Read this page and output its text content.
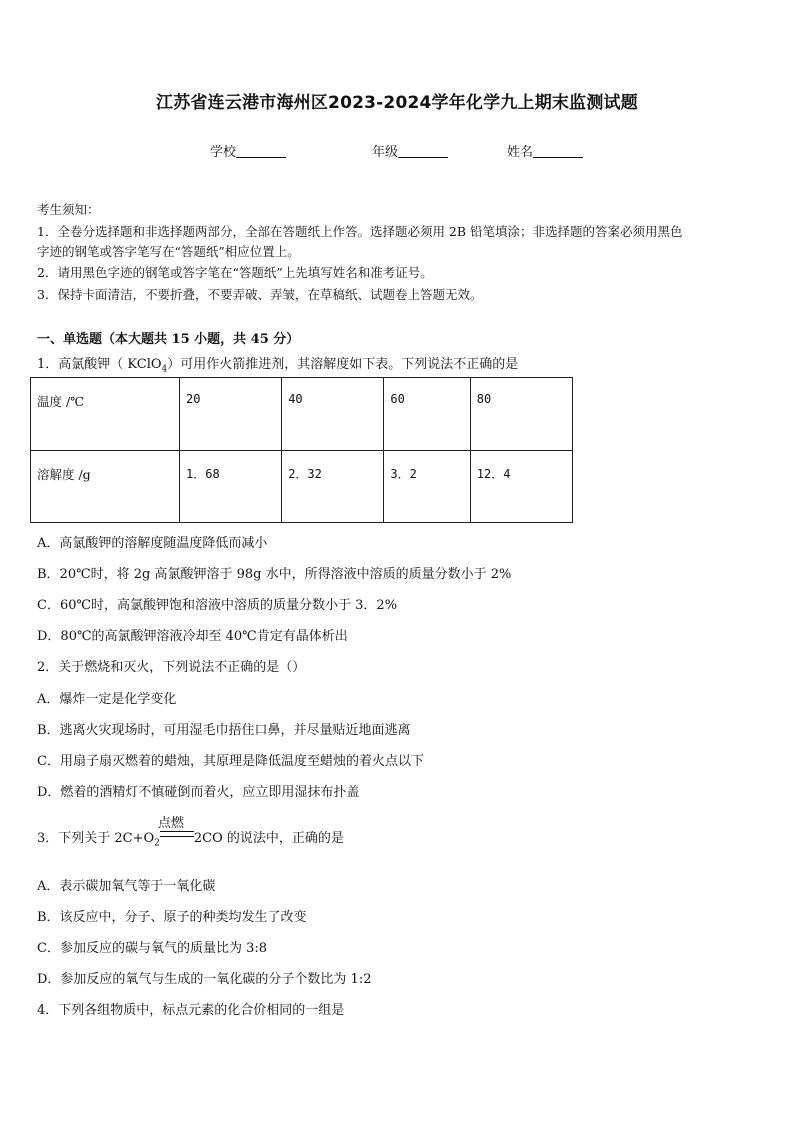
江苏省连云港市海州区2023-2024学年化学九上期末监测试题
学校	年级	姓名
考生须知：
1．全卷分选择题和非选择题两部分，全部在答题纸上作答。选择题必须用 2B 铅笔填涂；非选择题的答案必须用黑色
字迹的钢笔或答字笔写在“答题纸”相应位置上。
2．请用黑色字迹的钢笔或答字笔在“答题纸”上先填写姓名和准考证号。
3．保持卡面清洁，不要折叠，不要弄破、弄皱，在草稿纸、试题卷上答题无效。
一、单选题（本大题共 15 小题，共 45 分）
1．高氯酸钾（ KClO$_4$）可用作火箭推进剂，其溶解度如下表。下列说法不正确的是
温度 /℃	20	40	60	80
溶解度 /g	1．68	2．32	3．2	12．4
A．高氯酸钾的溶解度随温度降低而减小
B．20℃时，将 2g 高氯酸钾溶于 98g 水中，所得溶液中溶质的质量分数小于 2%
C．60℃时，高氯酸钾饱和溶液中溶质的质量分数小于 3．2%
D．80℃的高氯酸钾溶液冷却至 40℃肯定有晶体析出
2．关于燃烧和灭火，下列说法不正确的是（）
A．爆炸一定是化学变化
B．逃离火灾现场时，可用湿毛巾捂住口鼻，并尽量贴近地面逃离
C．用扇子扇灭燃着的蜡烛，其原理是降低温度至蜡烛的着火点以下
D．燃着的酒精灯不慎碰倒而着火，应立即用湿抹布扑盖
3．下列关于 $2C+O_2$
点燃
2CO 的说法中，正确的是
A．表示碳加氧气等于一氧化碳
B．该反应中，分子、原子的种类均发生了改变
C．参加反应的碳与氧气的质量比为 3:8
D．参加反应的氧气与生成的一氧化碳的分子个数比为 1:2
4．下列各组物质中，标点元素的化合价相同的一组是
